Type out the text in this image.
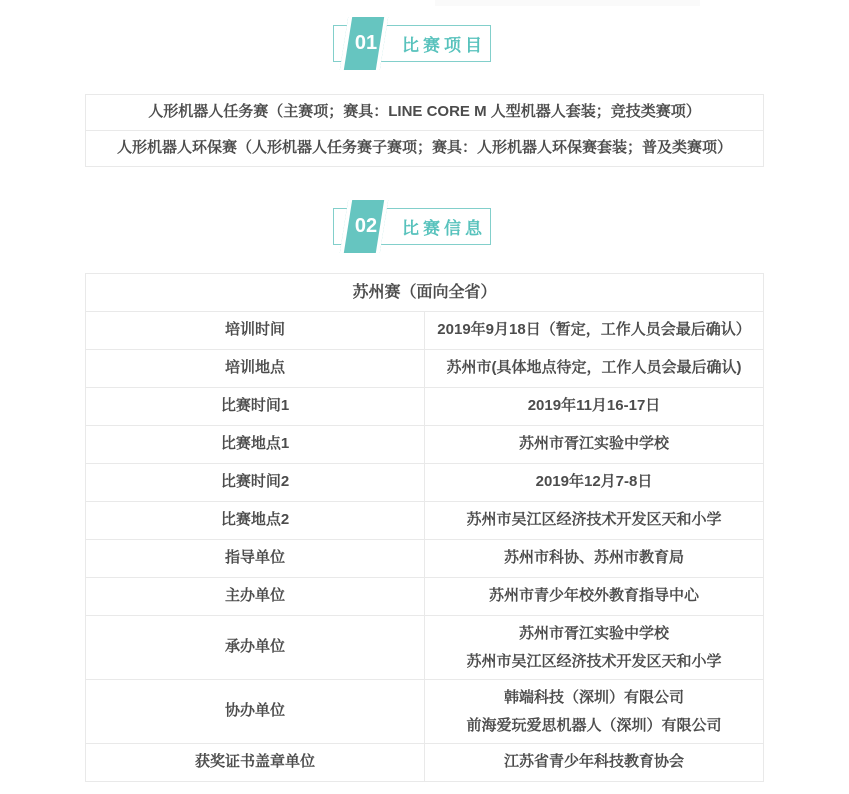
01	比赛项目
人形机器人任务赛（主赛项；赛具：LINE CORE M 人型机器人套装；竞技类赛项）
人形机器人环保赛（人形机器人任务赛子赛项；赛具：人形机器人环保赛套装；普及类赛项）
02	比赛信息
苏州赛（面向全省）	
培训时间	2019年9月18日（暂定，工作人员会最后确认）
培训地点	苏州市(具体地点待定，工作人员会最后确认)
比赛时间1	2019年11月16-17日
比赛地点1	苏州市胥江实验中学校
比赛时间2	2019年12月7-8日
比赛地点2	苏州市吴江区经济技术开发区天和小学
指导单位	苏州市科协、苏州市教育局
主办单位	苏州市青少年校外教育指导中心
承办单位	苏州市胥江实验中学校
苏州市吴江区经济技术开发区天和小学

协办单位	韩端科技（深圳）有限公司
前海爱玩爱思机器人（深圳）有限公司

获奖证书盖章单位	江苏省青少年科技教育协会
